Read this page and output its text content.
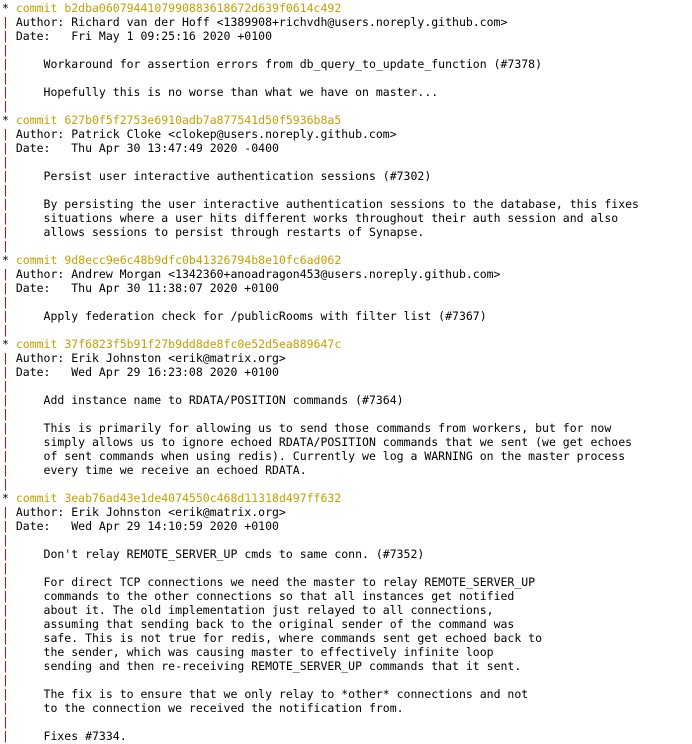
* commit b2dba0607944107990883618672d639f0614c492
| Author: Richard van der Hoff <1389908+richvdh@users.noreply.github.com>
| Date: Fri May 1 09:25:16 2020 +0100
|
|	Workaround for assertion errors from db_query_to_update_function (#7378)
|
|	Hopefully this is no worse than what we have on master...
|
* commit 627b0f5f2753e6910adb7a877541d50f5936b8a5
| Author: Patrick Cloke <clokep@users.noreply.github.com>
| Date: Thu Apr 30 13:47:49 2020 -0400
|
|	Persist user interactive authentication sessions (#7302)
|
|	By persisting the user interactive authentication sessions to the database, this fixes
|	situations where a user hits different works throughout their auth session and also
|	allows sessions to persist through restarts of Synapse.
|
* commit 9d8ecc9e6c48b9dfc0b41326794b8e10fc6ad062
| Author: Andrew Morgan <1342360+anoadragon453@users.noreply.github.com>
| Date: Thu Apr 30 11:38:07 2020 +0100
|
|	Apply federation check for /publicRooms with filter list (#7367)
|
* commit 37f6823f5b91f27b9dd8de8fc0e52d5ea889647c
| Author: Erik Johnston <erik@matrix.org>
| Date: Wed Apr 29 16:23:08 2020 +0100
|
|	Add instance name to RDATA/POSITION commands (#7364)
|
|	This is primarily for allowing us to send those commands from workers, but for now
|	simply allows us to ignore echoed RDATA/POSITION commands that we sent (we get echoes
|	of sent commands when using redis). Currently we log a WARNING on the master process
|	every time we receive an echoed RDATA.
|
* commit 3eab76ad43e1de4074550c468d11318d497ff632
| Author: Erik Johnston <erik@matrix.org>
| Date: Wed Apr 29 14:10:59 2020 +0100
|
|	Don't relay REMOTE_SERVER_UP cmds to same conn. (#7352)
|
|	For direct TCP connections we need the master to relay REMOTE_SERVER_UP
|	commands to the other connections so that all instances get notified
|	about it. The old implementation just relayed to all connections,
|	assuming that sending back to the original sender of the command was
|	safe. This is not true for redis, where commands sent get echoed back to
|	the sender, which was causing master to effectively infinite loop
|	sending and then re-receiving REMOTE_SERVER_UP commands that it sent.
|
|	The fix is to ensure that we only relay to *other* connections and not
|	to the connection we received the notification from.
|
|	Fixes #7334.
